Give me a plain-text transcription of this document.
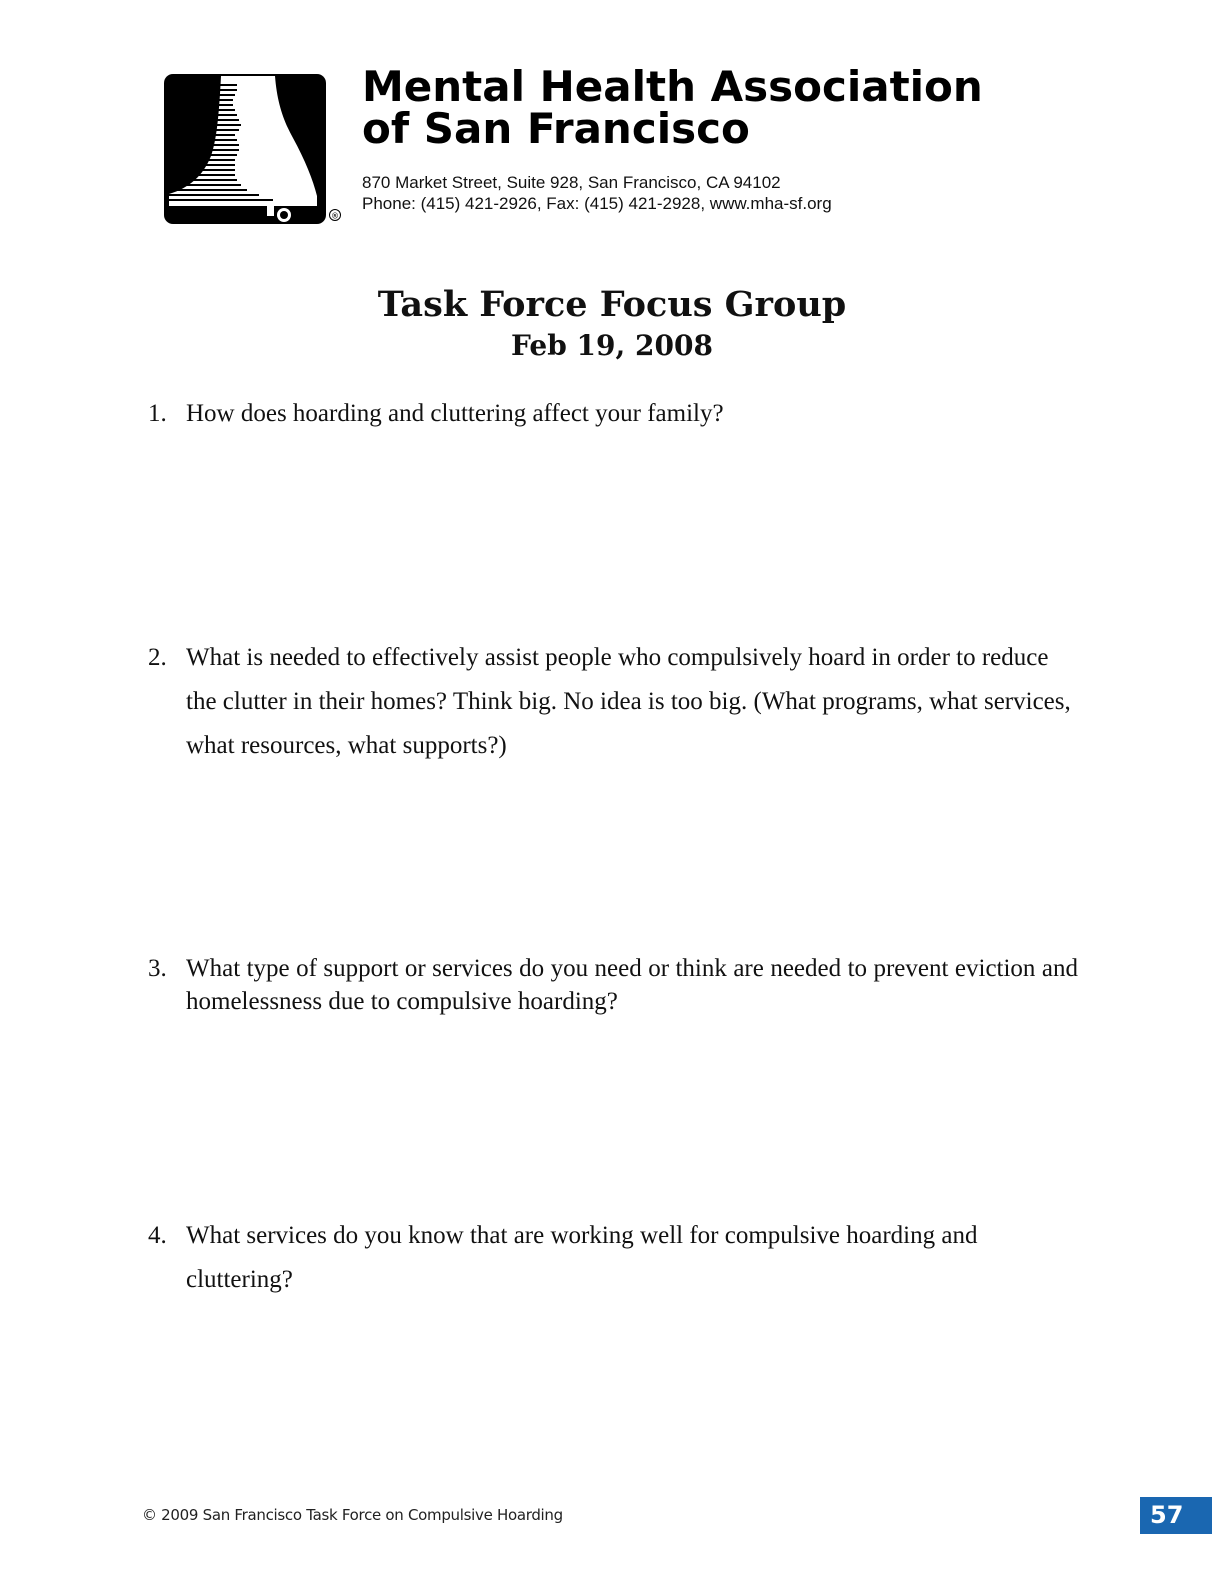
®
Mental Health Association
of San Francisco
870 Market Street, Suite 928, San Francisco, CA 94102
Phone: (415) 421-2926, Fax: (415) 421-2928, www.mha-sf.org
Task Force Focus Group
Feb 19, 2008
1. How does hoarding and cluttering affect your family?
2. What is needed to effectively assist people who compulsively hoard in order to reduce the clutter in their homes? Think big. No idea is too big. (What programs, what services, what resources, what supports?)
3. What type of support or services do you need or think are needed to prevent eviction and homelessness due to compulsive hoarding?
4. What services do you know that are working well for compulsive hoarding and cluttering?
© 2009 San Francisco Task Force on Compulsive Hoarding	57
